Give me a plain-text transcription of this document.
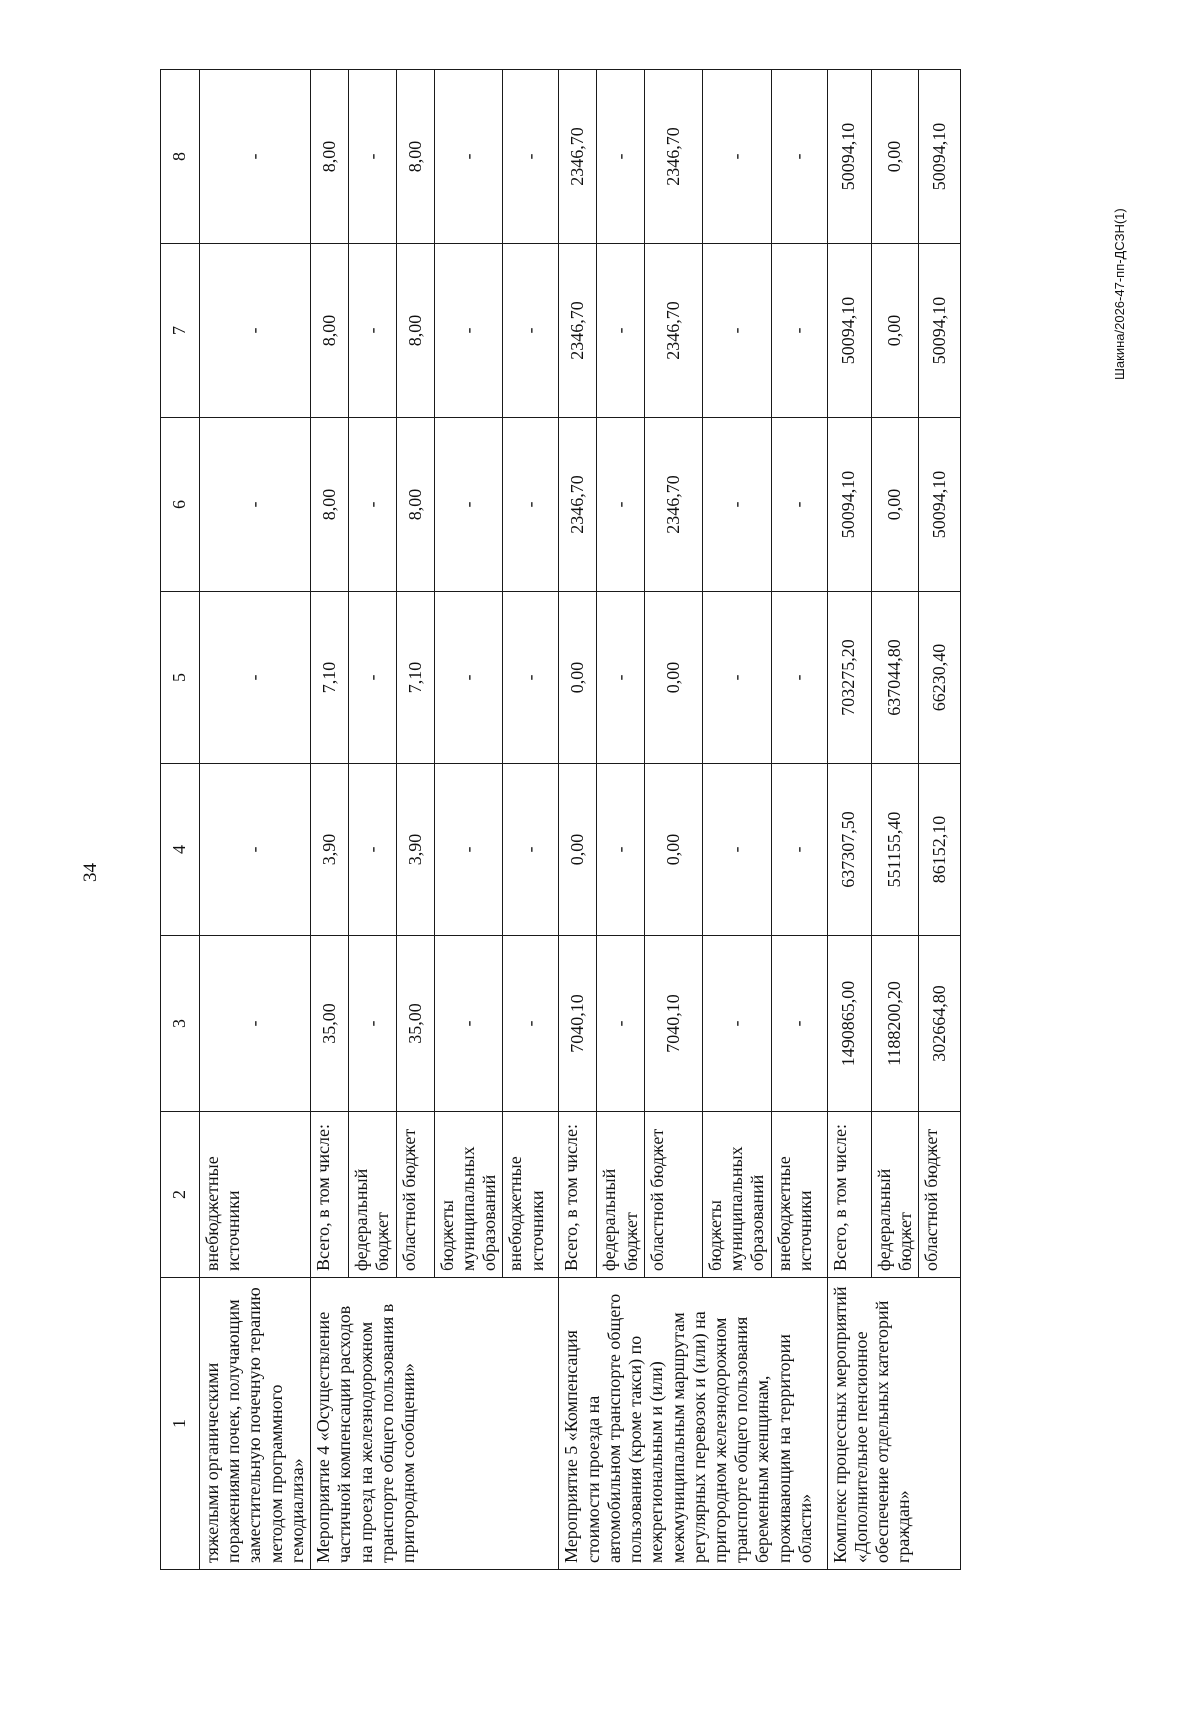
34
1	2	3	4	5	6	7	8
тяжелыми органическими поражениями почек, получающим заместительную почечную терапию методом программного гемодиализа»	внебюджетные источники	-	-	-	-	-	-
Мероприятие 4 «Осуществление частичной компенсации расходов на проезд на железнодорожном транспорте общего пользования в пригородном сообщении»	Всего, в том числе:	35,00	3,90	7,10	8,00	8,00	8,00
	федеральный бюджет	-	-	-	-	-	-
	областной бюджет	35,00	3,90	7,10	8,00	8,00	8,00
	бюджеты муниципальных образований	-	-	-	-	-	-
	внебюджетные источники	-	-	-	-	-	-
Мероприятие 5 «Компенсация стоимости проезда на автомобильном транспорте общего пользования (кроме такси) по межрегиональным и (или) межмуниципальным маршрутам регулярных перевозок и (или) на пригородном железнодорожном транспорте общего пользования беременным женщинам, проживающим на территории области»	Всего, в том числе:	7040,10	0,00	0,00	2346,70	2346,70	2346,70
	федеральный бюджет	-	-	-	-	-	-
	областной бюджет	7040,10	0,00	0,00	2346,70	2346,70	2346,70
	бюджеты муниципальных образований	-	-	-	-	-	-
	внебюджетные источники	-	-	-	-	-	-
Комплекс процессных мероприятий «Дополнительное пенсионное обеспечение отдельных категорий граждан»	Всего, в том числе:	1490865,00	637307,50	703275,20	50094,10	50094,10	50094,10
	федеральный бюджет	1188200,20	551155,40	637044,80	0,00	0,00	0,00
	областной бюджет	302664,80	86152,10	66230,40	50094,10	50094,10	50094,10
Шакина/2026-47-пп-ДСЗН(1)
